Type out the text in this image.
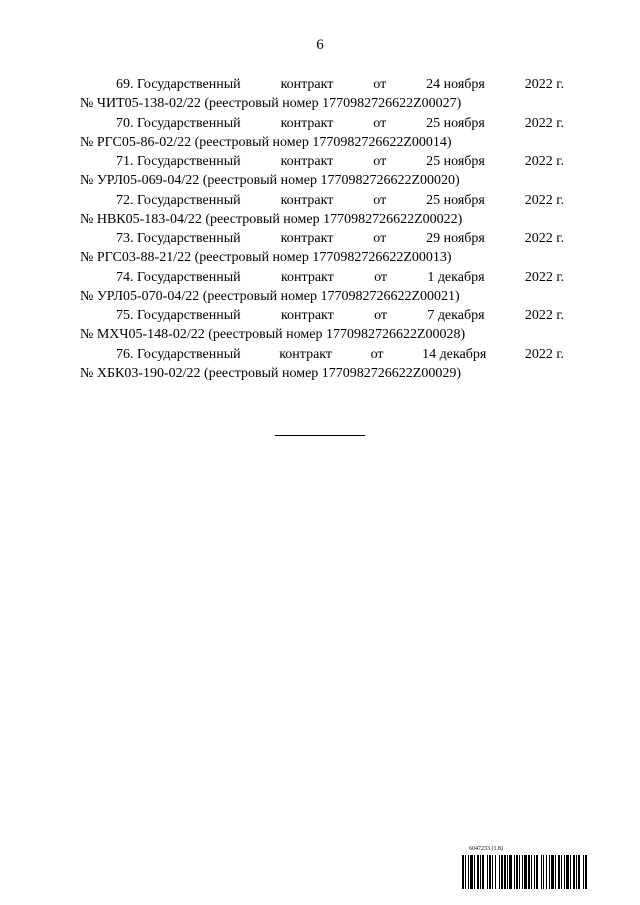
6
69. Государственный	контракт	от	24 ноября	2022 г.
№ ЧИТ05-138-02/22 (реестровый номер 1770982726622Z00027)
70. Государственный	контракт	от	25 ноября	2022 г.
№ РГС05-86-02/22 (реестровый номер 1770982726622Z00014)
71. Государственный	контракт	от	25 ноября	2022 г.
№ УРЛ05-069-04/22 (реестровый номер 1770982726622Z00020)
72. Государственный	контракт	от	25 ноября	2022 г.
№ НВК05-183-04/22 (реестровый номер 1770982726622Z00022)
73. Государственный	контракт	от	29 ноября	2022 г.
№ РГС03-88-21/22 (реестровый номер 1770982726622Z00013)
74. Государственный	контракт	от	1 декабря	2022 г.
№ УРЛ05-070-04/22 (реестровый номер 1770982726622Z00021)
75. Государственный	контракт	от	7 декабря	2022 г.
№ МХЧ05-148-02/22 (реестровый номер 1770982726622Z00028)
76. Государственный	контракт	от	14 декабря	2022 г.
№ ХБК03-190-02/22 (реестровый номер 1770982726622Z00029)
6047233 (1.8)
